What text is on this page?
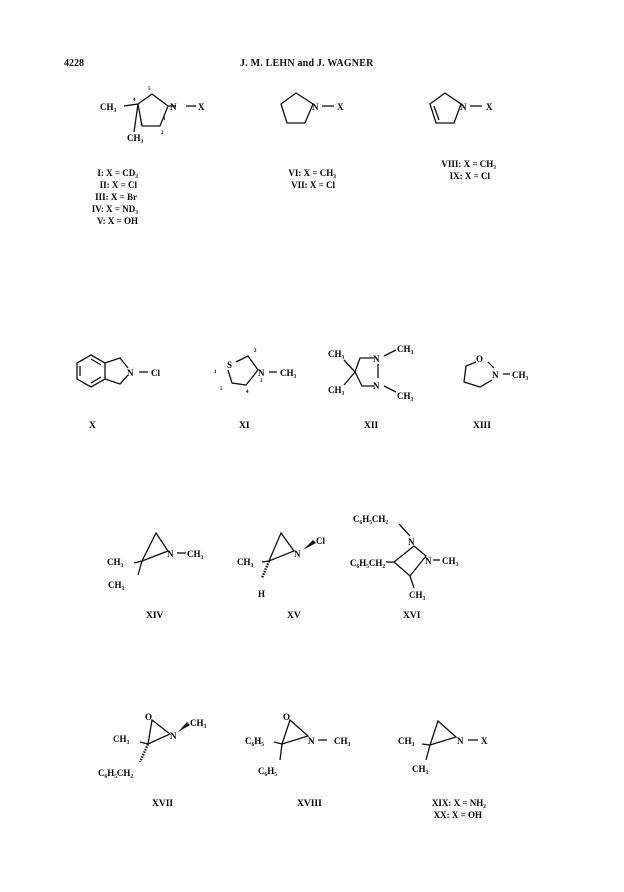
4228	J. M. LEHN and J. WAGNER
CH₃
CH₃
N X
5
4
3
2
1
I: X = CD₃
II: X = Cl
III: X = Br
IV: X = ND₃
V: X = OH
N X
VI: X = CH₃
VII: X = Cl
N X
VIII: X = CH₃
IX: X = Cl
N Cl
X
S
N CH₃
1
2
3
4
5
XI
CH₃
CH₃
N
N
CH₃
CH₃
XII
O
N CH₃
XIII
N CH₃
CH₃
CH₃
XIV
N
Cl
CH₃
H
XV
C₆H₅CH₂
N
N CH₃
C₆H₅CH₂
CH₃
XVI
O
N
CH₃
CH₃
C₆H₅CH₂
XVII
O
N CH₃
C₆H₅
C₆H₅
XVIII
N X
CH₃
CH₃
XIX: X = NH₂
XX: X = OH
